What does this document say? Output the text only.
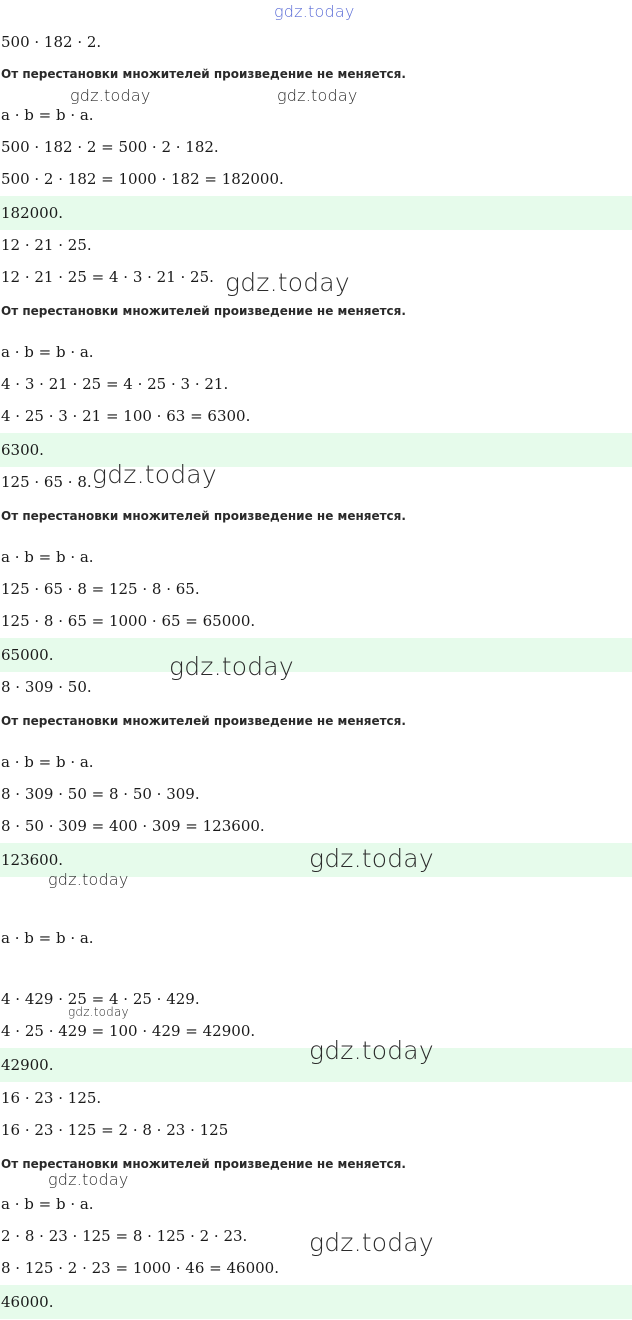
500 · 182 · 2.
От перестановки множителей произведение не меняется.
a · b = b · a.
500 · 182 · 2 = 500 · 2 · 182.
500 · 2 · 182 = 1000 · 182 = 182000.
182000.
12 · 21 · 25.
12 · 21 · 25 = 4 · 3 · 21 · 25.
От перестановки множителей произведение не меняется.
a · b = b · a.
4 · 3 · 21 · 25 = 4 · 25 · 3 · 21.
4 · 25 · 3 · 21 = 100 · 63 = 6300.
6300.
125 · 65 · 8.
От перестановки множителей произведение не меняется.
a · b = b · a.
125 · 65 · 8 = 125 · 8 · 65.
125 · 8 · 65 = 1000 · 65 = 65000.
65000.
8 · 309 · 50.
От перестановки множителей произведение не меняется.
a · b = b · a.
8 · 309 · 50 = 8 · 50 · 309.
8 · 50 · 309 = 400 · 309 = 123600.
123600.
a · b = b · a.
4 · 429 · 25 = 4 · 25 · 429.
4 · 25 · 429 = 100 · 429 = 42900.
42900.
16 · 23 · 125.
16 · 23 · 125 = 2 · 8 · 23 · 125
От перестановки множителей произведение не меняется.
a · b = b · a.
2 · 8 · 23 · 125 = 8 · 125 · 2 · 23.
8 · 125 · 2 · 23 = 1000 · 46 = 46000.
46000.
gdz.today
gdz.today	gdz.today
gdz.today
gdz.today
gdz.today
gdz.today
gdz.today
gdz.today
gdz.today
gdz.today
gdz.today
